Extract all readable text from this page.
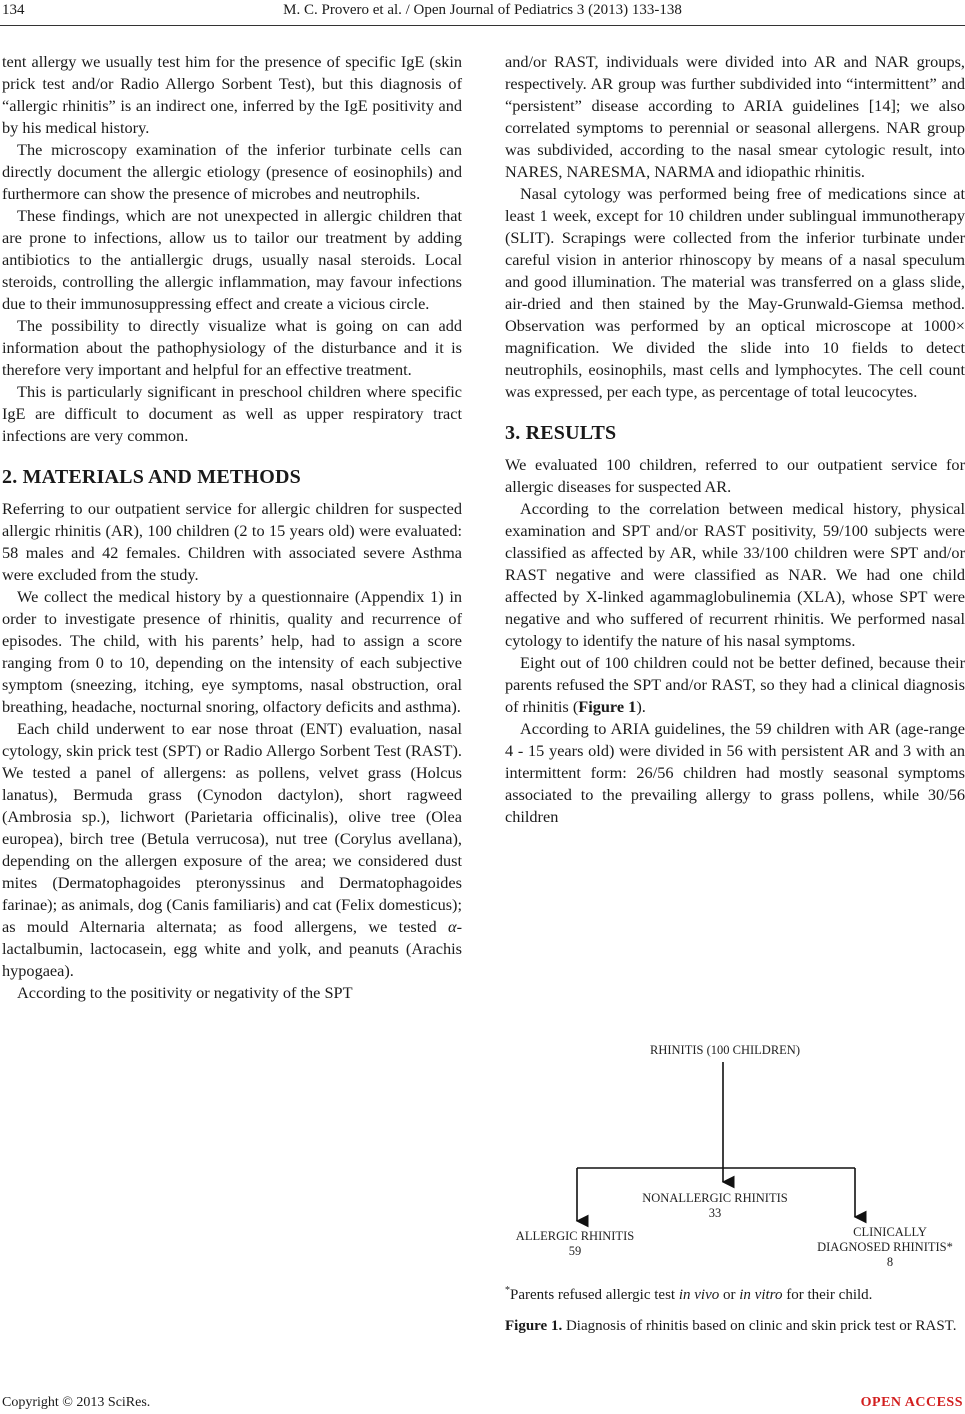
134	M. C. Provero et al. / Open Journal of Pediatrics 3 (2013) 133-138

tent allergy we usually test him for the presence of specific IgE (skin prick test and/or Radio Allergo Sorbent Test), but this diagnosis of “allergic rhinitis” is an indirect one, inferred by the IgE positivity and by his medical history.

The microscopy examination of the inferior turbinate cells can directly document the allergic etiology (presence of eosinophils) and furthermore can show the presence of microbes and neutrophils.

These findings, which are not unexpected in allergic children that are prone to infections, allow us to tailor our treatment by adding antibiotics to the antiallergic drugs, usually nasal steroids. Local steroids, controlling the allergic inflammation, may favour infections due to their immunosuppressing effect and create a vicious circle.

The possibility to directly visualize what is going on can add information about the pathophysiology of the disturbance and it is therefore very important and helpful for an effective treatment.

This is particularly significant in preschool children where specific IgE are difficult to document as well as upper respiratory tract infections are very common.

2. MATERIALS AND METHODS

Referring to our outpatient service for allergic children for suspected allergic rhinitis (AR), 100 children (2 to 15 years old) were evaluated: 58 males and 42 females. Children with associated severe Asthma were excluded from the study.

We collect the medical history by a questionnaire (Appendix 1) in order to investigate presence of rhinitis, quality and recurrence of episodes. The child, with his parents’ help, had to assign a score ranging from 0 to 10, depending on the intensity of each subjective symptom (sneezing, itching, eye symptoms, nasal obstruction, oral breathing, headache, nocturnal snoring, olfactory deficits and asthma).

Each child underwent to ear nose throat (ENT) evaluation, nasal cytology, skin prick test (SPT) or Radio Allergo Sorbent Test (RAST). We tested a panel of allergens: as pollens, velvet grass (Holcus lanatus), Bermuda grass (Cynodon dactylon), short ragweed (Ambrosia sp.), lichwort (Parietaria officinalis), olive tree (Olea europea), birch tree (Betula verrucosa), nut tree (Corylus avellana), depending on the allergen exposure of the area; we considered dust mites (Dermatophagoides pteronyssinus and Dermatophagoides farinae); as animals, dog (Canis familiaris) and cat (Felix domesticus); as mould Alternaria alternata; as food allergens, we tested α-lactalbumin, lactocasein, egg white and yolk, and peanuts (Arachis hypogaea).

According to the positivity or negativity of the SPT

and/or RAST, individuals were divided into AR and NAR groups, respectively. AR group was further subdivided into “intermittent” and “persistent” disease according to ARIA guidelines [14]; we also correlated symptoms to perennial or seasonal allergens. NAR group was subdivided, according to the nasal smear cytologic result, into NARES, NARESMA, NARMA and idiopathic rhinitis.

Nasal cytology was performed being free of medications since at least 1 week, except for 10 children under sublingual immunotherapy (SLIT). Scrapings were collected from the inferior turbinate under careful vision in anterior rhinoscopy by means of a nasal speculum and good illumination. The material was transferred on a glass slide, air-dried and then stained by the May-Grunwald-Giemsa method. Observation was performed by an optical microscope at 1000× magnification. We divided the slide into 10 fields to detect neutrophils, eosinophils, mast cells and lymphocytes. The cell count was expressed, per each type, as percentage of total leucocytes.

3. RESULTS

We evaluated 100 children, referred to our outpatient service for allergic diseases for suspected AR.

According to the correlation between medical history, physical examination and SPT and/or RAST positivity, 59/100 subjects were classified as affected by AR, while 33/100 children were SPT and/or RAST negative and were classified as NAR. We had one child affected by X-linked agammaglobulinemia (XLA), whose SPT were negative and who suffered of recurrent rhinitis. We performed nasal cytology to identify the nature of his nasal symptoms.

Eight out of 100 children could not be better defined, because their parents refused the SPT and/or RAST, so they had a clinical diagnosis of rhinitis (Figure 1).

According to ARIA guidelines, the 59 children with AR (age-range 4 - 15 years old) were divided in 56 with persistent AR and 3 with an intermittent form: 26/56 children had mostly seasonal symptoms associated to the prevailing allergy to grass pollens, while 30/56 children

RHINITIS (100 CHILDREN)
NONALLERGIC RHINITIS
33
ALLERGIC RHINITIS
59
CLINICALLY
DIAGNOSED RHINITIS*
8
*Parents refused allergic test in vivo or in vitro for their child.
Figure 1. Diagnosis of rhinitis based on clinic and skin prick test or RAST.
Copyright © 2013 SciRes.	OPEN ACCESS
